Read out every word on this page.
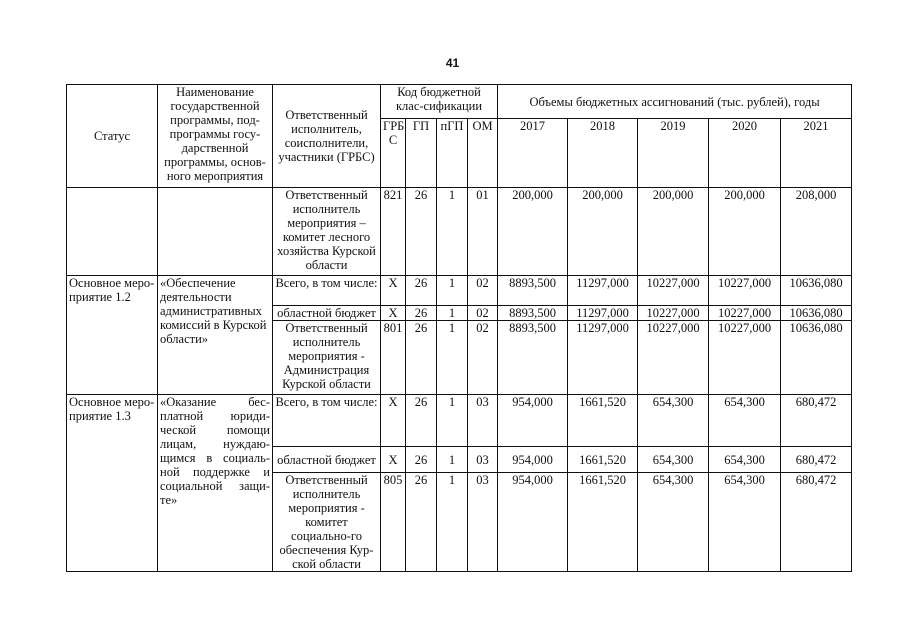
41
Статус	Наименование государственной программы, под-программы госу-дарственной программы, основ-ного мероприятия	Ответственный исполнитель, соисполнители, участники (ГРБС)	Код бюджетной клас-сификации				Объемы бюджетных ассигнований (тыс. рублей), годы				
			ГРБ С	ГП	пГП	ОМ	2017	2018	2019	2020	2021
		Ответственный исполнитель мероприятия – комитет лесного хозяйства Курской области	821	26	1	01	200,000	200,000	200,000	200,000	208,000
Основное меро-приятие 1.2	«Обеспечение деятельности административных комиссий в Курской области»	Всего, в том числе:	Х	26	1	02	8893,500	11297,000	10227,000	10227,000	10636,080
		областной бюджет	Х	26	1	02	8893,500	11297,000	10227,000	10227,000	10636,080
		Ответственный исполнитель мероприятия - Администрация Курской области	801	26	1	02	8893,500	11297,000	10227,000	10227,000	10636,080
Основное меро-приятие 1.3	«Оказание бес-платной юриди-ческой помощи лицам, нуждаю-щимся в социаль-ной поддержке и социальной защи-те»	Всего, в том числе:	Х	26	1	03	954,000	1661,520	654,300	654,300	680,472
		областной бюджет	Х	26	1	03	954,000	1661,520	654,300	654,300	680,472
		Ответственный исполнитель мероприятия - комитет социально-го обеспечения Кур-ской области	805	26	1	03	954,000	1661,520	654,300	654,300	680,472
